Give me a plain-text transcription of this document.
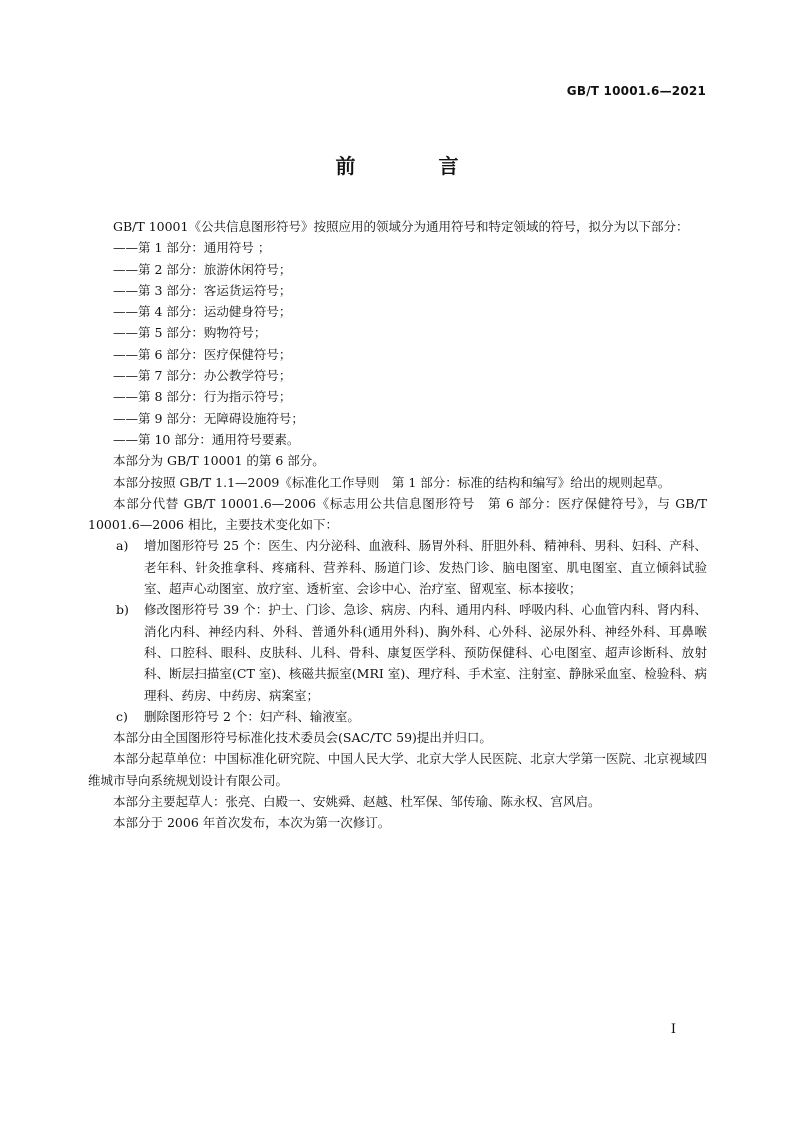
GB/T 10001.6—2021
前 言

GB/T 10001《公共信息图形符号》按照应用的领域分为通用符号和特定领域的符号，拟分为以下部分：

——第 1 部分：通用符号 ；

——第 2 部分：旅游休闲符号；

——第 3 部分：客运货运符号；

——第 4 部分：运动健身符号；

——第 5 部分：购物符号；

——第 6 部分：医疗保健符号；

——第 7 部分：办公教学符号；

——第 8 部分：行为指示符号；

——第 9 部分：无障碍设施符号；

——第 10 部分：通用符号要素。

本部分为 GB/T 10001 的第 6 部分。

本部分按照 GB/T 1.1—2009《标准化工作导则　第 1 部分：标准的结构和编写》给出的规则起草。

本部分代替 GB/T 10001.6—2006《标志用公共信息图形符号　第 6 部分：医疗保健符号》，与 GB/T 10001.6—2006 相比，主要技术变化如下：

a) 增加图形符号 25 个：医生、内分泌科、血液科、肠胃外科、肝胆外科、精神科、男科、妇科、产科、老年科、针灸推拿科、疼痛科、营养科、肠道门诊、发热门诊、脑电图室、肌电图室、直立倾斜试验室、超声心动图室、放疗室、透析室、会诊中心、治疗室、留观室、标本接收；

b) 修改图形符号 39 个：护士、门诊、急诊、病房、内科、通用内科、呼吸内科、心血管内科、肾内科、消化内科、神经内科、外科、普通外科(通用外科)、胸外科、心外科、泌尿外科、神经外科、耳鼻喉科、口腔科、眼科、皮肤科、儿科、骨科、康复医学科、预防保健科、心电图室、超声诊断科、放射科、断层扫描室(CT 室)、核磁共振室(MRI 室)、理疗科、手术室、注射室、静脉采血室、检验科、病理科、药房、中药房、病案室；

c) 删除图形符号 2 个：妇产科、输液室。

本部分由全国图形符号标准化技术委员会(SAC/TC 59)提出并归口。

本部分起草单位：中国标准化研究院、中国人民大学、北京大学人民医院、北京大学第一医院、北京视域四维城市导向系统规划设计有限公司。

本部分主要起草人：张亮、白殿一、安姚舜、赵越、杜军保、邹传瑜、陈永权、宫风启。

本部分于 2006 年首次发布，本次为第一次修订。

I
